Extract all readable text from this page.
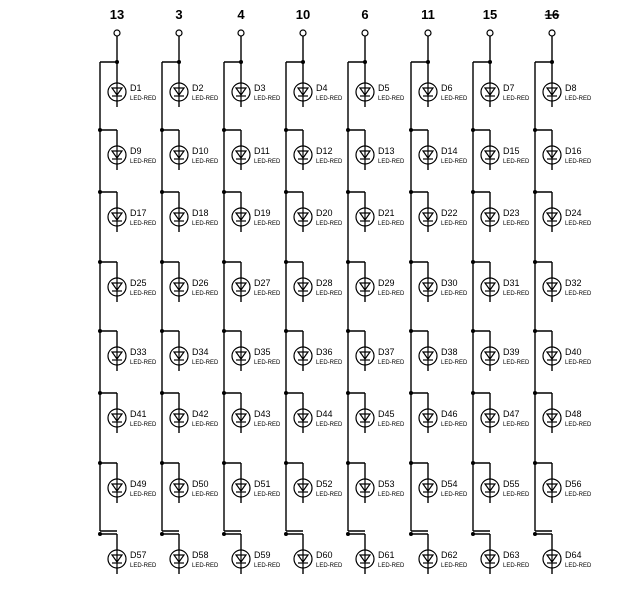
13	3	4	10	6	11	15	16
D1
LED-RED
D2
LED-RED
D3
LED-RED
D4
LED-RED
D5
LED-RED
D6
LED-RED
D7
LED-RED
D8
LED-RED
D9
LED-RED
D10
LED-RED
D11
LED-RED
D12
LED-RED
D13
LED-RED
D14
LED-RED
D15
LED-RED
D16
LED-RED
D17
LED-RED
D18
LED-RED
D19
LED-RED
D20
LED-RED
D21
LED-RED
D22
LED-RED
D23
LED-RED
D24
LED-RED
D25
LED-RED
D26
LED-RED
D27
LED-RED
D28
LED-RED
D29
LED-RED
D30
LED-RED
D31
LED-RED
D32
LED-RED
D33
LED-RED
D34
LED-RED
D35
LED-RED
D36
LED-RED
D37
LED-RED
D38
LED-RED
D39
LED-RED
D40
LED-RED
D41
LED-RED
D42
LED-RED
D43
LED-RED
D44
LED-RED
D45
LED-RED
D46
LED-RED
D47
LED-RED
D48
LED-RED
D49
LED-RED
D50
LED-RED
D51
LED-RED
D52
LED-RED
D53
LED-RED
D54
LED-RED
D55
LED-RED
D56
LED-RED
D57
LED-RED
D58
LED-RED
D59
LED-RED
D60
LED-RED
D61
LED-RED
D62
LED-RED
D63
LED-RED
D64
LED-RED
